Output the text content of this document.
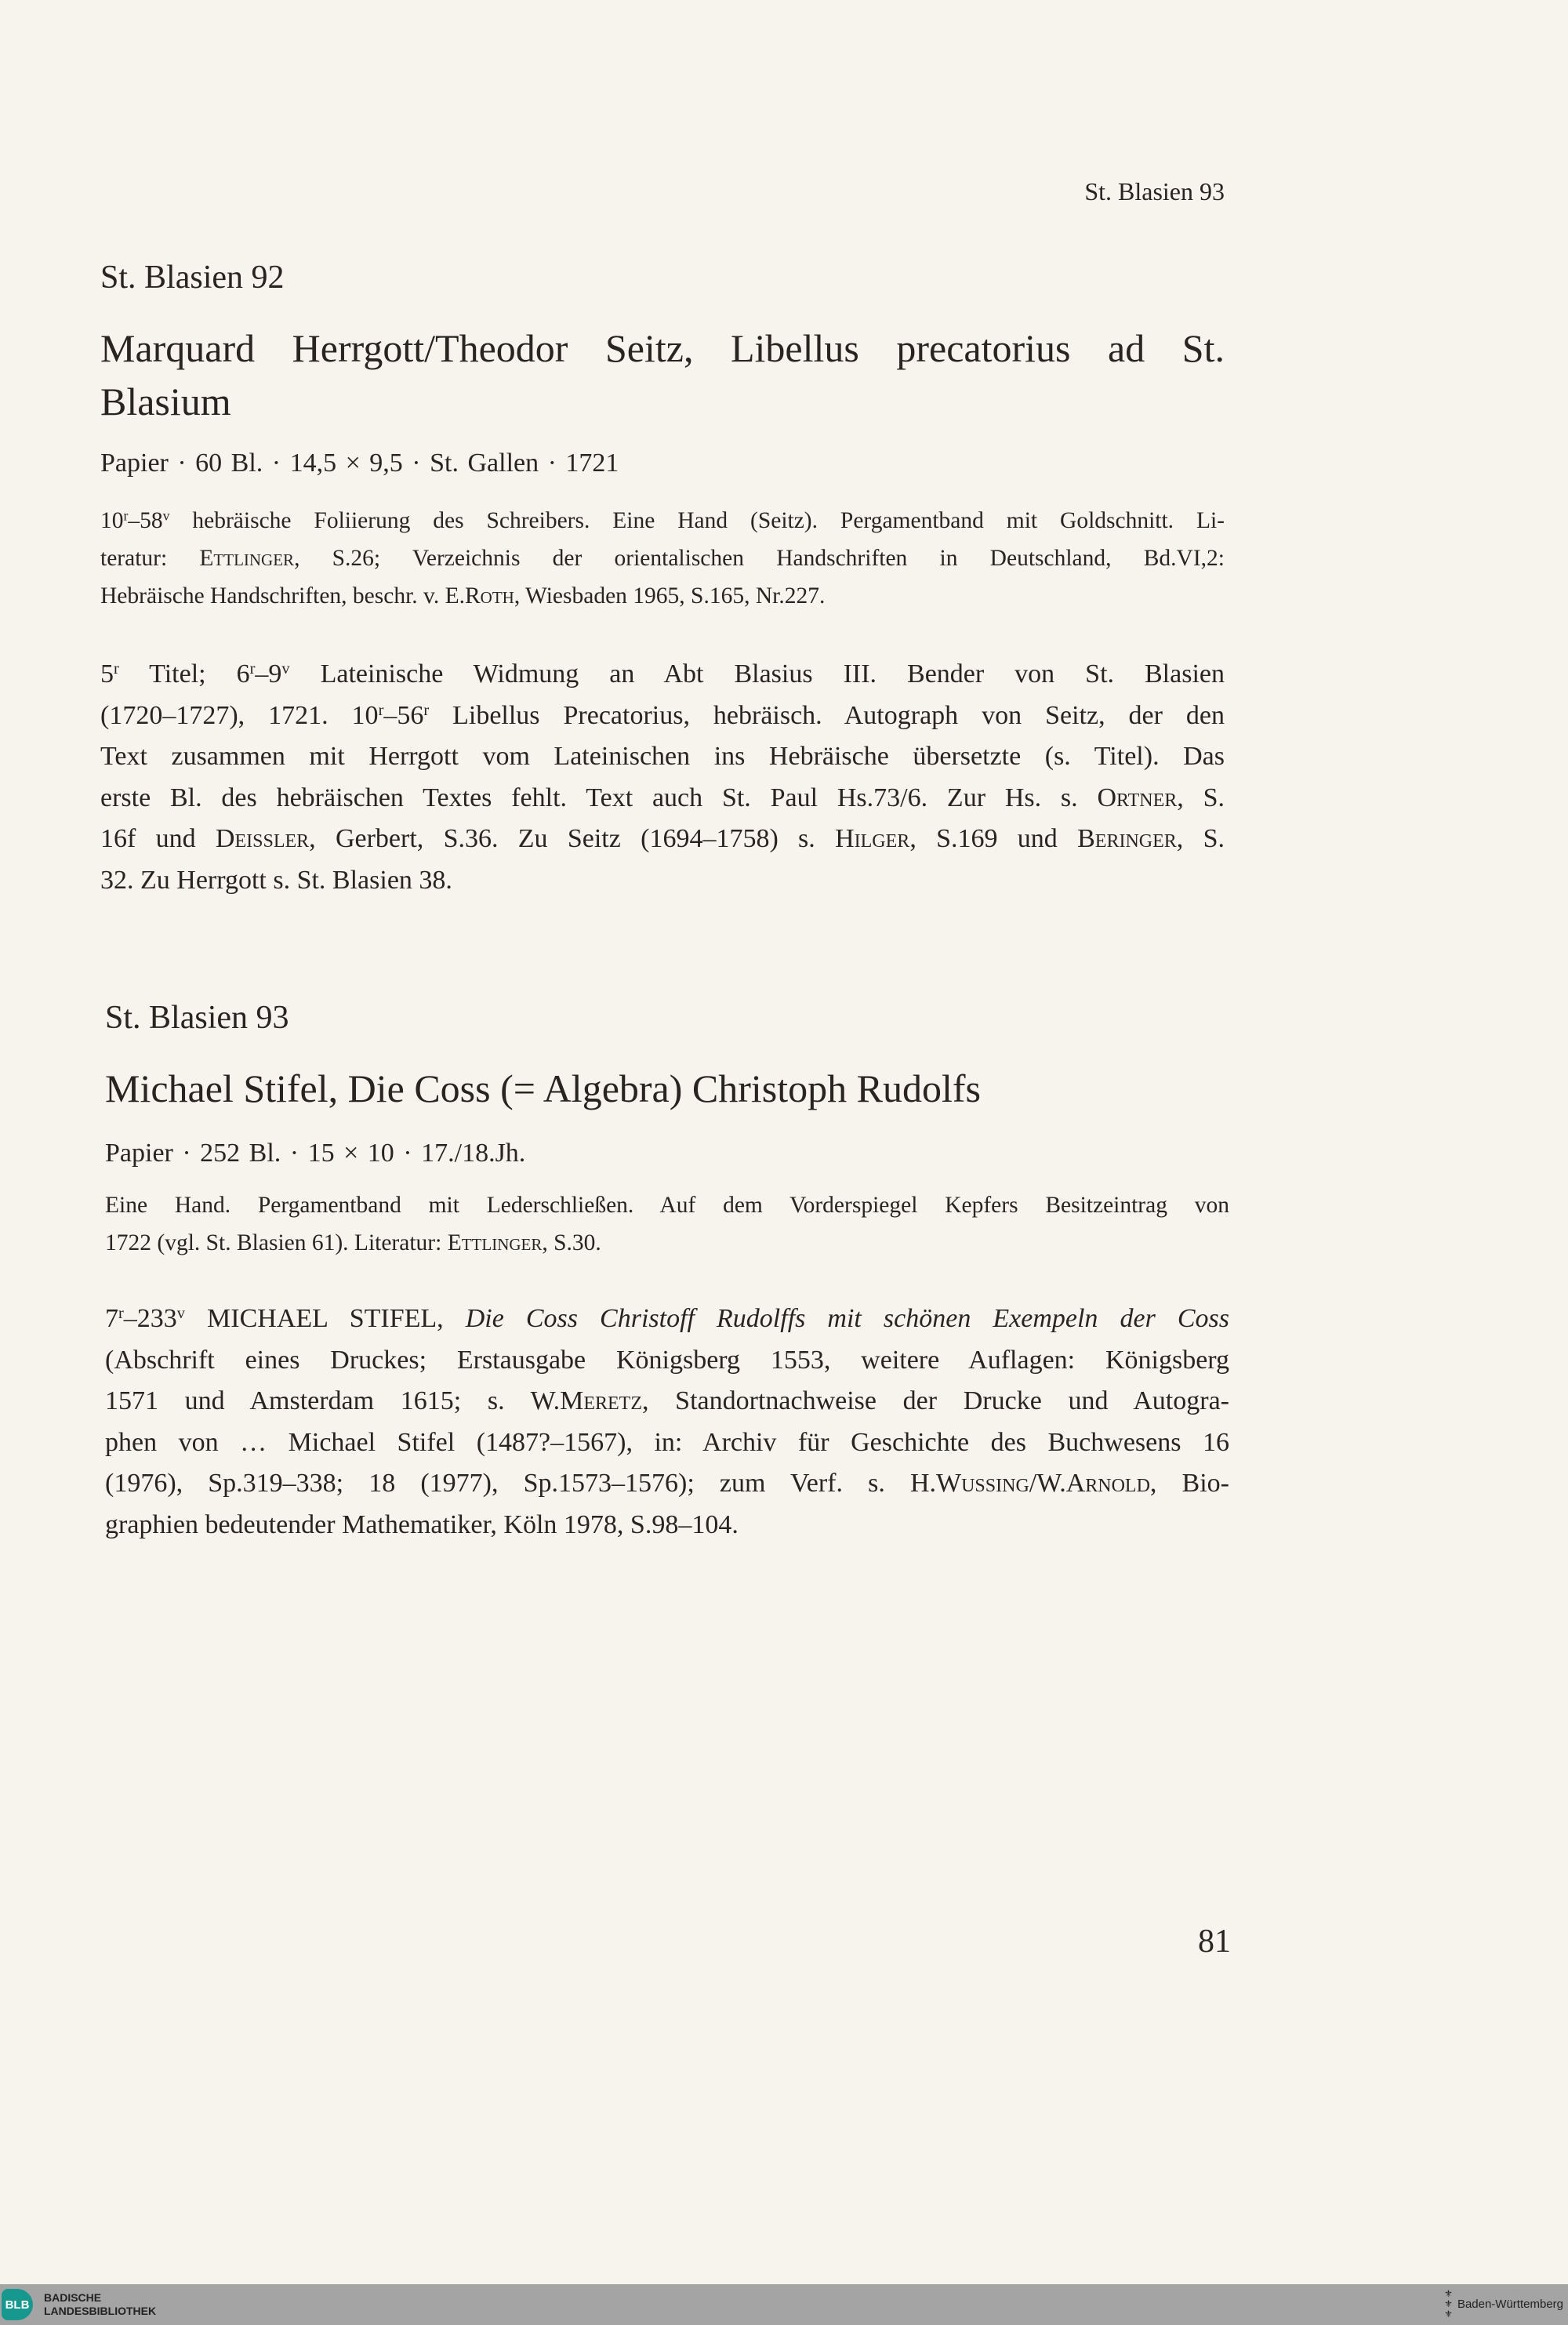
St. Blasien 93
St. Blasien 92
Marquard Herrgott/Theodor Seitz, Libellus precatorius ad St.
Blasium
Papier · 60 Bl. · 14,5 × 9,5 · St. Gallen · 1721
10$^r$–58$^v$ hebräische Foliierung des Schreibers. Eine Hand (Seitz). Pergamentband mit Goldschnitt. Li-
teratur: Ettlinger, S.26; Verzeichnis der orientalischen Handschriften in Deutschland, Bd.VI,2:
Hebräische Handschriften, beschr. v. E.Roth, Wiesbaden 1965, S.165, Nr.227.
5$^r$ Titel; 6$^r$–9$^v$ Lateinische Widmung an Abt Blasius III. Bender von St. Blasien
(1720–1727), 1721. 10$^r$–56$^r$ Libellus Precatorius, hebräisch. Autograph von Seitz, der den
Text zusammen mit Herrgott vom Lateinischen ins Hebräische übersetzte (s. Titel). Das
erste Bl. des hebräischen Textes fehlt. Text auch St. Paul Hs.73/6. Zur Hs. s. Ortner, S.
16f und Deissler, Gerbert, S.36. Zu Seitz (1694–1758) s. Hilger, S.169 und Beringer, S.
32. Zu Herrgott s. St. Blasien 38.
St. Blasien 93
Michael Stifel, Die Coss (= Algebra) Christoph Rudolfs
Papier · 252 Bl. · 15 × 10 · 17./18.Jh.
Eine Hand. Pergamentband mit Lederschließen. Auf dem Vorderspiegel Kepfers Besitzeintrag von
1722 (vgl. St. Blasien 61). Literatur: Ettlinger, S.30.
7$^r$–233$^v$ MICHAEL STIFEL, Die Coss Christoff Rudolffs mit schönen Exempeln der Coss
(Abschrift eines Druckes; Erstausgabe Königsberg 1553, weitere Auflagen: Königsberg
1571 und Amsterdam 1615; s. W.Meretz, Standortnachweise der Drucke und Autogra-
phen von … Michael Stifel (1487?–1567), in: Archiv für Geschichte des Buchwesens 16
(1976), Sp.319–338; 18 (1977), Sp.1573–1576); zum Verf. s. H.Wussing/W.Arnold, Bio-
graphien bedeutender Mathematiker, Köln 1978, S.98–104.
81
BLB
BADISCHE
LANDESBIBLIOTHEK
⚜
⚜
⚜
Baden-Württemberg
